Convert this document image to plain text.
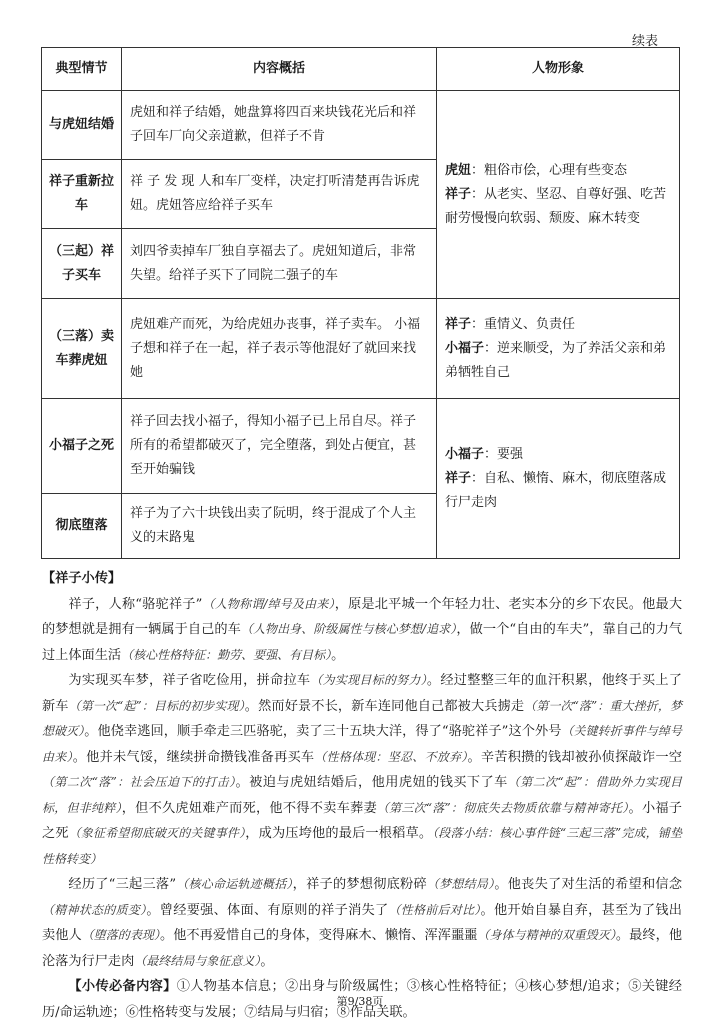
续表
典型情节	内容概括	人物形象
与虎妞结婚	虎妞和祥子结婚，她盘算将四百来块钱花光后和祥子回车厂向父亲道歉，但祥子不肯	虎妞：粗俗市侩，心理有些变态
祥子：从老实、坚忍、自尊好强、吃苦耐劳慢慢向软弱、颓废、麻木转变

祥子重新拉车	祥 子 发 现 人和车厂变样，决定打听清楚再告诉虎妞。虎妞答应给祥子买车	
（三起）祥子买车	刘四爷卖掉车厂独自享福去了。虎妞知道后，非常失望。给祥子买下了同院二强子的车	
（三落）卖车葬虎妞	虎妞难产而死，为给虎妞办丧事，祥子卖车。 小福子想和祥子在一起，祥子表示等他混好了就回来找她	祥子：重情义、负责任
小福子：逆来顺受，为了养活父亲和弟弟牺牲自己

小福子之死	祥子回去找小福子，得知小福子已上吊自尽。祥子所有的希望都破灭了，完全堕落，到处占便宜，甚至开始骗钱	小福子：要强
祥子：自私、懒惰、麻木，彻底堕落成行尸走肉

彻底堕落	祥子为了六十块钱出卖了阮明，终于混成了个人主义的末路鬼	

【祥子小传】

祥子，人称“骆驼祥子”（人物称谓/绰号及由来），原是北平城一个年轻力壮、老实本分的乡下农民。他最大的梦想就是拥有一辆属于自己的车（人物出身、阶级属性与核心梦想/追求），做一个“自由的车夫”，靠自己的力气过上体面生活（核心性格特征：勤劳、要强、有目标）。

为实现买车梦，祥子省吃俭用，拼命拉车（为实现目标的努力）。经过整整三年的血汗积累，他终于买上了新车（第一次“起”：目标的初步实现）。然而好景不长，新车连同他自己都被大兵掳走（第一次“落”：重大挫折，梦想破灭）。他侥幸逃回，顺手牵走三匹骆驼，卖了三十五块大洋，得了“骆驼祥子”这个外号（关键转折事件与绰号由来）。他并未气馁，继续拼命攒钱准备再买车（性格体现：坚忍、不放弃）。辛苦积攒的钱却被孙侦探敲诈一空（第二次“落”：社会压迫下的打击）。被迫与虎妞结婚后，他用虎妞的钱买下了车（第二次“起”：借助外力实现目标，但非纯粹），但不久虎妞难产而死，他不得不卖车葬妻（第三次“落”：彻底失去物质依靠与精神寄托）。小福子之死（象征希望彻底破灭的关键事件），成为压垮他的最后一根稻草。（段落小结：核心事件链“三起三落”完成，铺垫性格转变）

经历了“三起三落”（核心命运轨迹概括），祥子的梦想彻底粉碎（梦想结局）。他丧失了对生活的希望和信念（精神状态的质变）。曾经要强、体面、有原则的祥子消失了（性格前后对比）。他开始自暴自弃，甚至为了钱出卖他人（堕落的表现）。他不再爱惜自己的身体，变得麻木、懒惰、浑浑噩噩（身体与精神的双重毁灭）。最终，他沦落为行尸走肉（最终结局与象征意义）。

【小传必备内容】①人物基本信息；②出身与阶级属性；③核心性格特征；④核心梦想/追求；⑤关键经历/命运轨迹；⑥性格转变与发展；⑦结局与归宿；⑧作品关联。

第9/38页
